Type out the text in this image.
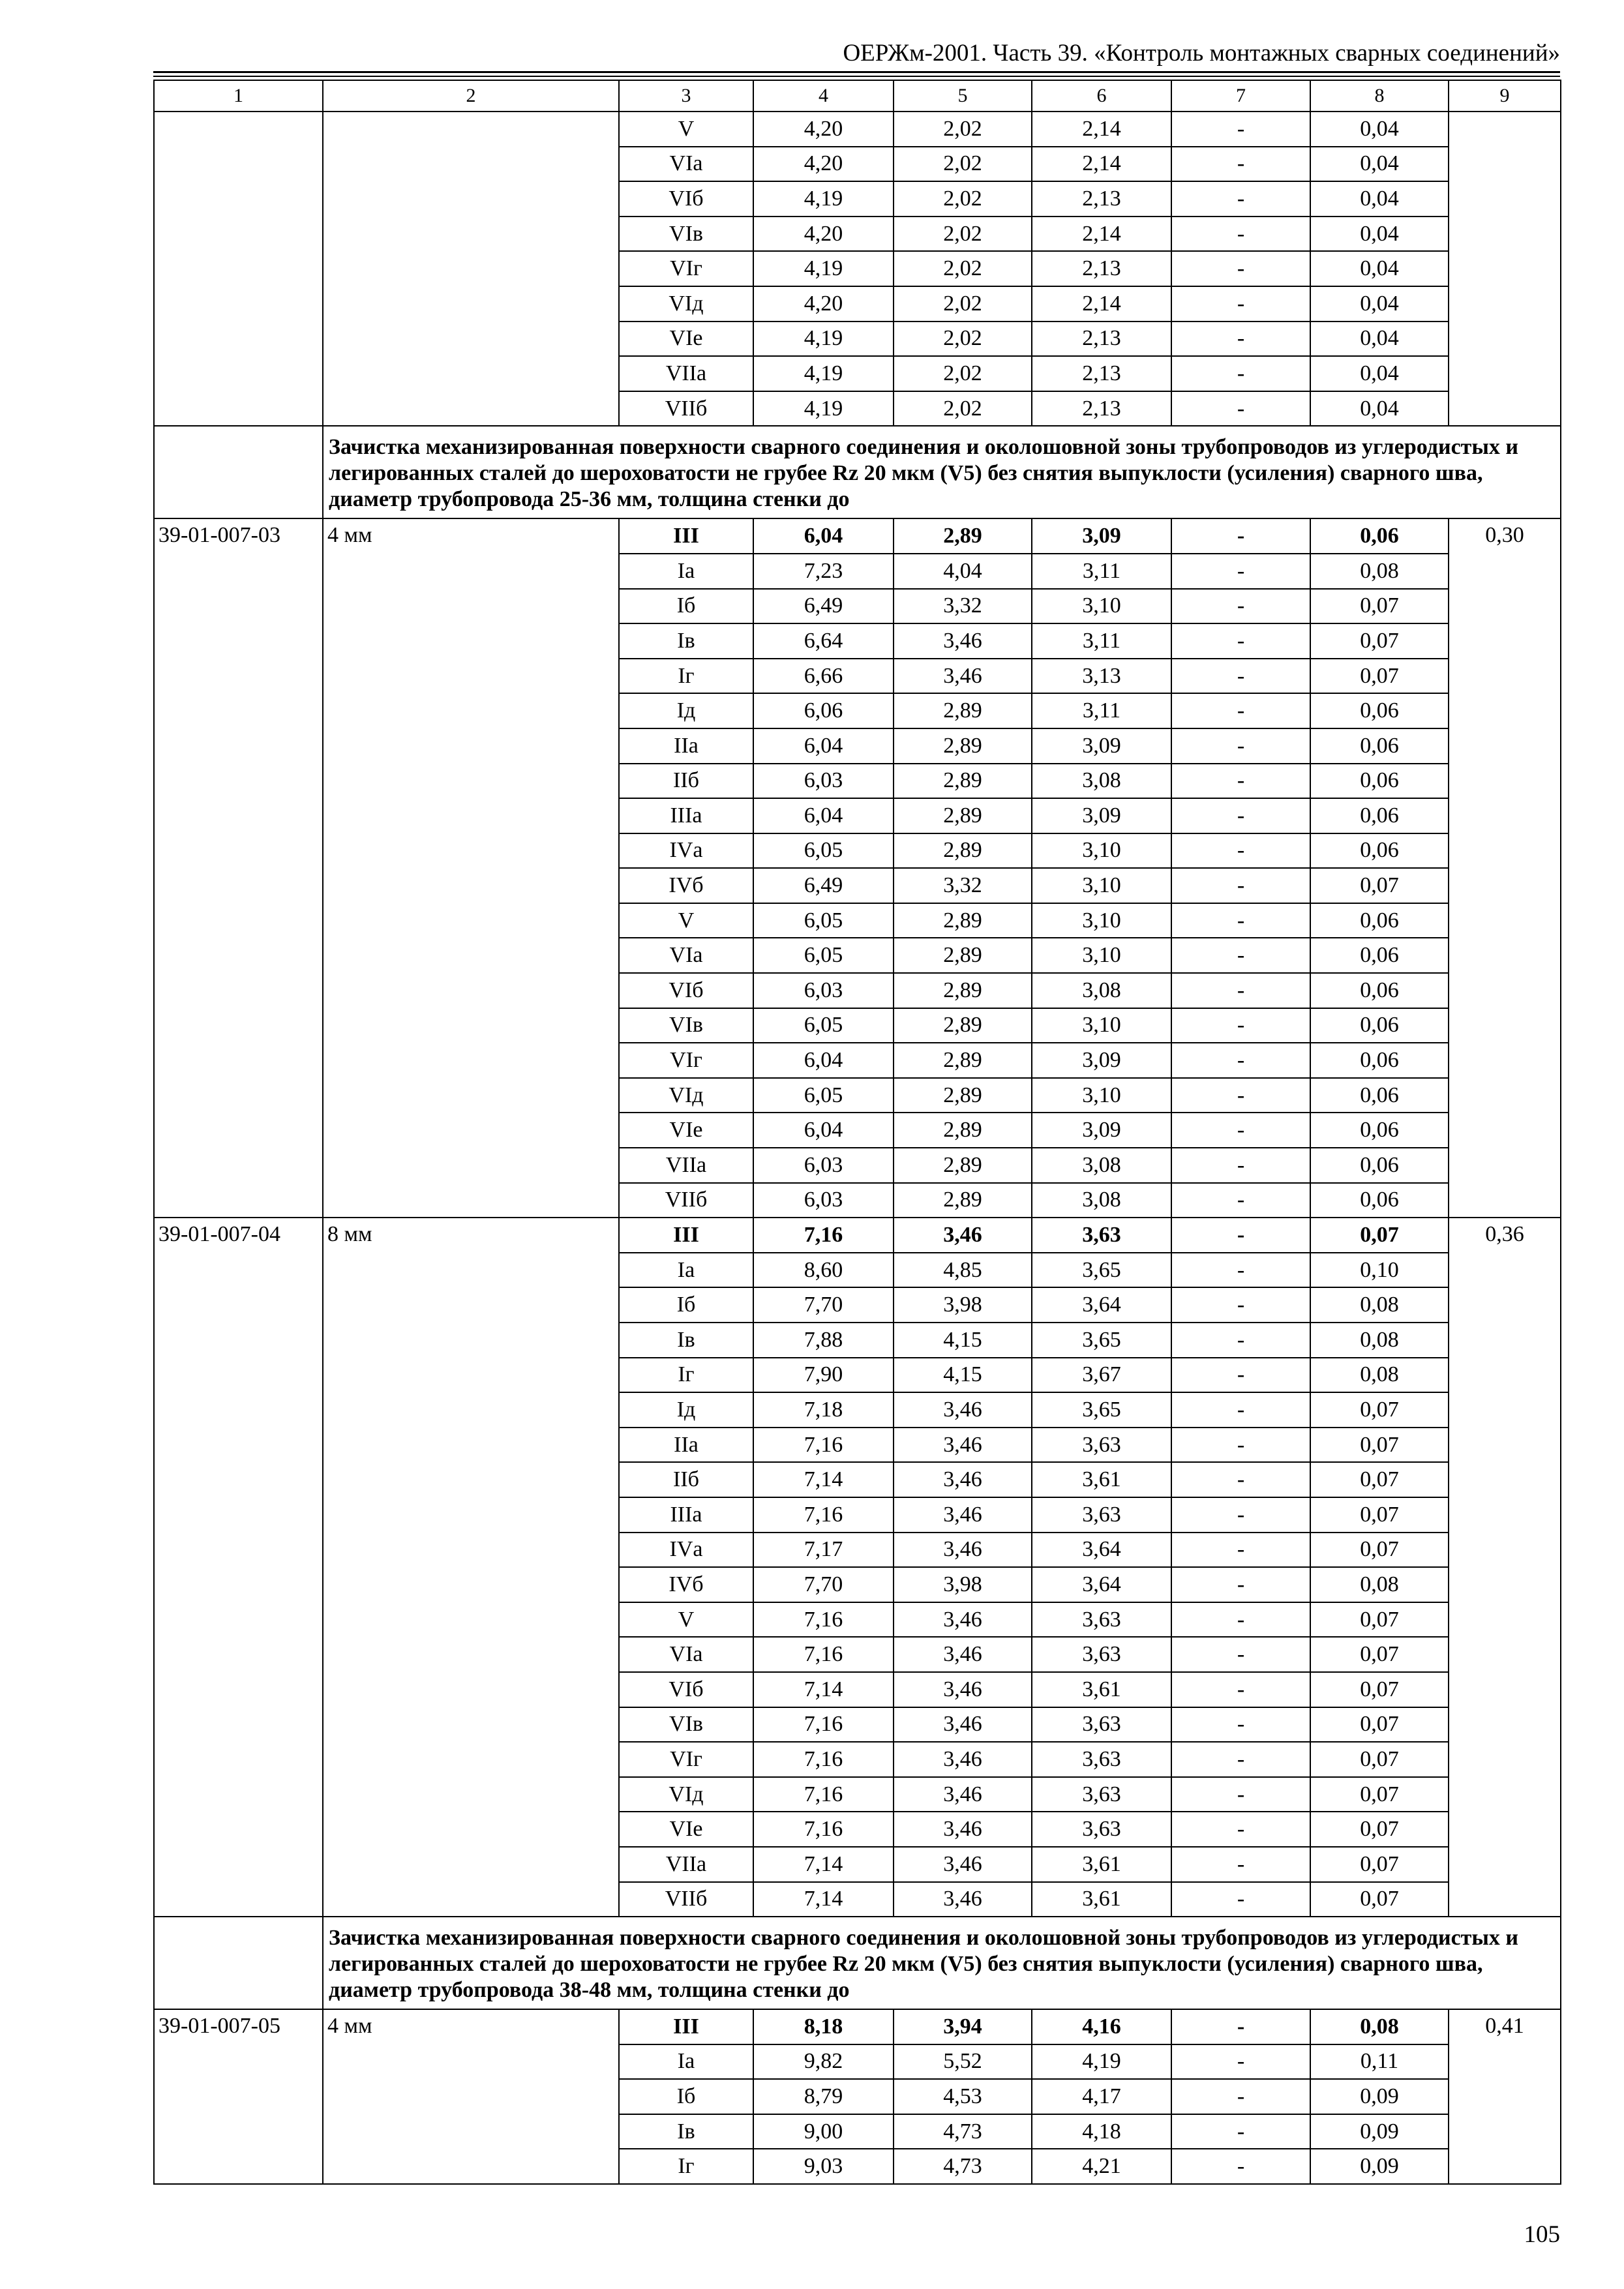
ОЕРЖм-2001. Часть 39. «Контроль монтажных сварных соединений»
1	2	3	4	5	6	7	8	9
		V	4,20	2,02	2,14	-	0,04	
		VIа	4,20	2,02	2,14	-	0,04	
		VIб	4,19	2,02	2,13	-	0,04	
		VIв	4,20	2,02	2,14	-	0,04	
		VIг	4,19	2,02	2,13	-	0,04	
		VIд	4,20	2,02	2,14	-	0,04	
		VIе	4,19	2,02	2,13	-	0,04	
		VIIа	4,19	2,02	2,13	-	0,04	
		VIIб	4,19	2,02	2,13	-	0,04	
	Зачистка механизированная поверхности сварного соединения и околошовной зоны трубопроводов из углеродистых и легированных сталей до шероховатости не грубее Rz 20 мкм (V5) без снятия выпуклости (усиления) сварного шва, диаметр трубопровода 25-36 мм, толщина стенки до							
39-01-007-03	4 мм	III	6,04	2,89	3,09	-	0,06	0,30
		Iа	7,23	4,04	3,11	-	0,08	
		Iб	6,49	3,32	3,10	-	0,07	
		Iв	6,64	3,46	3,11	-	0,07	
		Iг	6,66	3,46	3,13	-	0,07	
		Iд	6,06	2,89	3,11	-	0,06	
		IIа	6,04	2,89	3,09	-	0,06	
		IIб	6,03	2,89	3,08	-	0,06	
		IIIа	6,04	2,89	3,09	-	0,06	
		IVа	6,05	2,89	3,10	-	0,06	
		IVб	6,49	3,32	3,10	-	0,07	
		V	6,05	2,89	3,10	-	0,06	
		VIа	6,05	2,89	3,10	-	0,06	
		VIб	6,03	2,89	3,08	-	0,06	
		VIв	6,05	2,89	3,10	-	0,06	
		VIг	6,04	2,89	3,09	-	0,06	
		VIд	6,05	2,89	3,10	-	0,06	
		VIе	6,04	2,89	3,09	-	0,06	
		VIIа	6,03	2,89	3,08	-	0,06	
		VIIб	6,03	2,89	3,08	-	0,06	
39-01-007-04	8 мм	III	7,16	3,46	3,63	-	0,07	0,36
		Iа	8,60	4,85	3,65	-	0,10	
		Iб	7,70	3,98	3,64	-	0,08	
		Iв	7,88	4,15	3,65	-	0,08	
		Iг	7,90	4,15	3,67	-	0,08	
		Iд	7,18	3,46	3,65	-	0,07	
		IIа	7,16	3,46	3,63	-	0,07	
		IIб	7,14	3,46	3,61	-	0,07	
		IIIа	7,16	3,46	3,63	-	0,07	
		IVа	7,17	3,46	3,64	-	0,07	
		IVб	7,70	3,98	3,64	-	0,08	
		V	7,16	3,46	3,63	-	0,07	
		VIа	7,16	3,46	3,63	-	0,07	
		VIб	7,14	3,46	3,61	-	0,07	
		VIв	7,16	3,46	3,63	-	0,07	
		VIг	7,16	3,46	3,63	-	0,07	
		VIд	7,16	3,46	3,63	-	0,07	
		VIе	7,16	3,46	3,63	-	0,07	
		VIIа	7,14	3,46	3,61	-	0,07	
		VIIб	7,14	3,46	3,61	-	0,07	
	Зачистка механизированная поверхности сварного соединения и околошовной зоны трубопроводов из углеродистых и легированных сталей до шероховатости не грубее Rz 20 мкм (V5) без снятия выпуклости (усиления) сварного шва, диаметр трубопровода 38-48 мм, толщина стенки до							
39-01-007-05	4 мм	III	8,18	3,94	4,16	-	0,08	0,41
		Iа	9,82	5,52	4,19	-	0,11	
		Iб	8,79	4,53	4,17	-	0,09	
		Iв	9,00	4,73	4,18	-	0,09	
		Iг	9,03	4,73	4,21	-	0,09	
105
